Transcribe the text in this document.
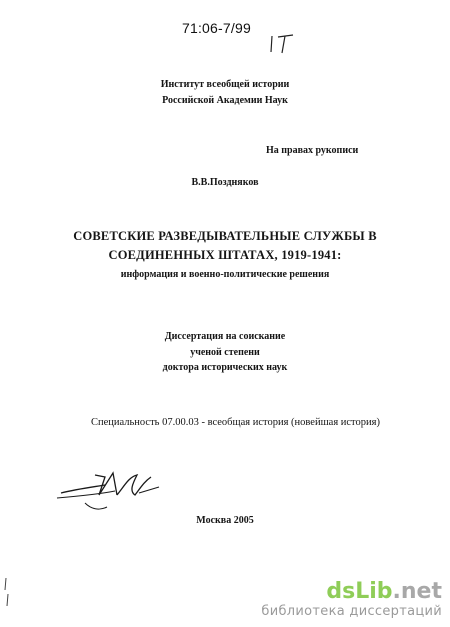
71:06-7/99
Институт всеобщей истории
Российской Академии Наук
На правах рукописи
В.В.Поздняков
СОВЕТСКИЕ РАЗВЕДЫВАТЕЛЬНЫЕ СЛУЖБЫ В
СОЕДИНЕННЫХ ШТАТАХ, 1919-1941:
информация и военно-политические решения
Диссертация на соискание
ученой степени
доктора исторических наук
Специальность 07.00.03 - всеобщая история (новейшая история)
Москва 2005
dsLib.net
библиотека диссертаций
